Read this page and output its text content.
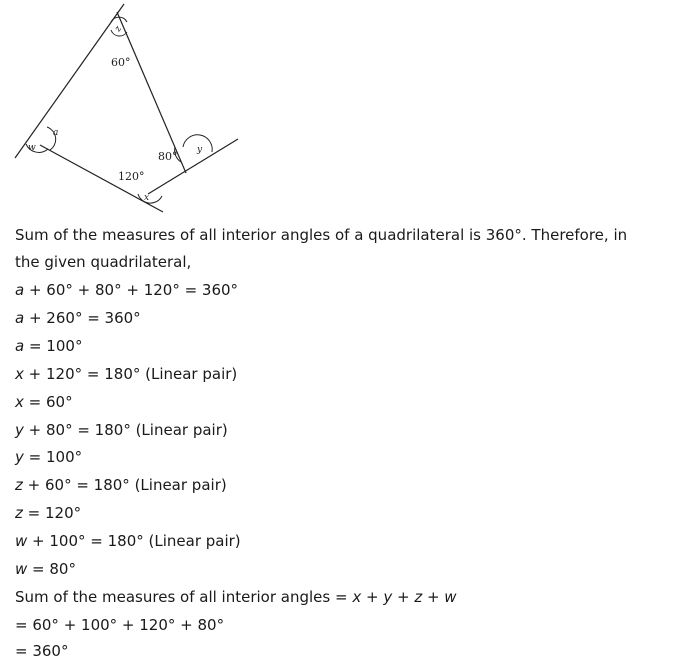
60°
80°
120°
z
a
w	y
x
Sum of the measures of all interior angles of a quadrilateral is 360°. Therefore, in
the given quadrilateral,
a + 60° + 80° + 120° = 360°
a + 260° = 360°
a = 100°
x + 120° = 180° (Linear pair)
x = 60°
y + 80° = 180° (Linear pair)
y = 100°
z + 60° = 180° (Linear pair)
z = 120°
w + 100° = 180° (Linear pair)
w = 80°
Sum of the measures of all interior angles = x + y + z + w
= 60° + 100° + 120° + 80°
= 360°
